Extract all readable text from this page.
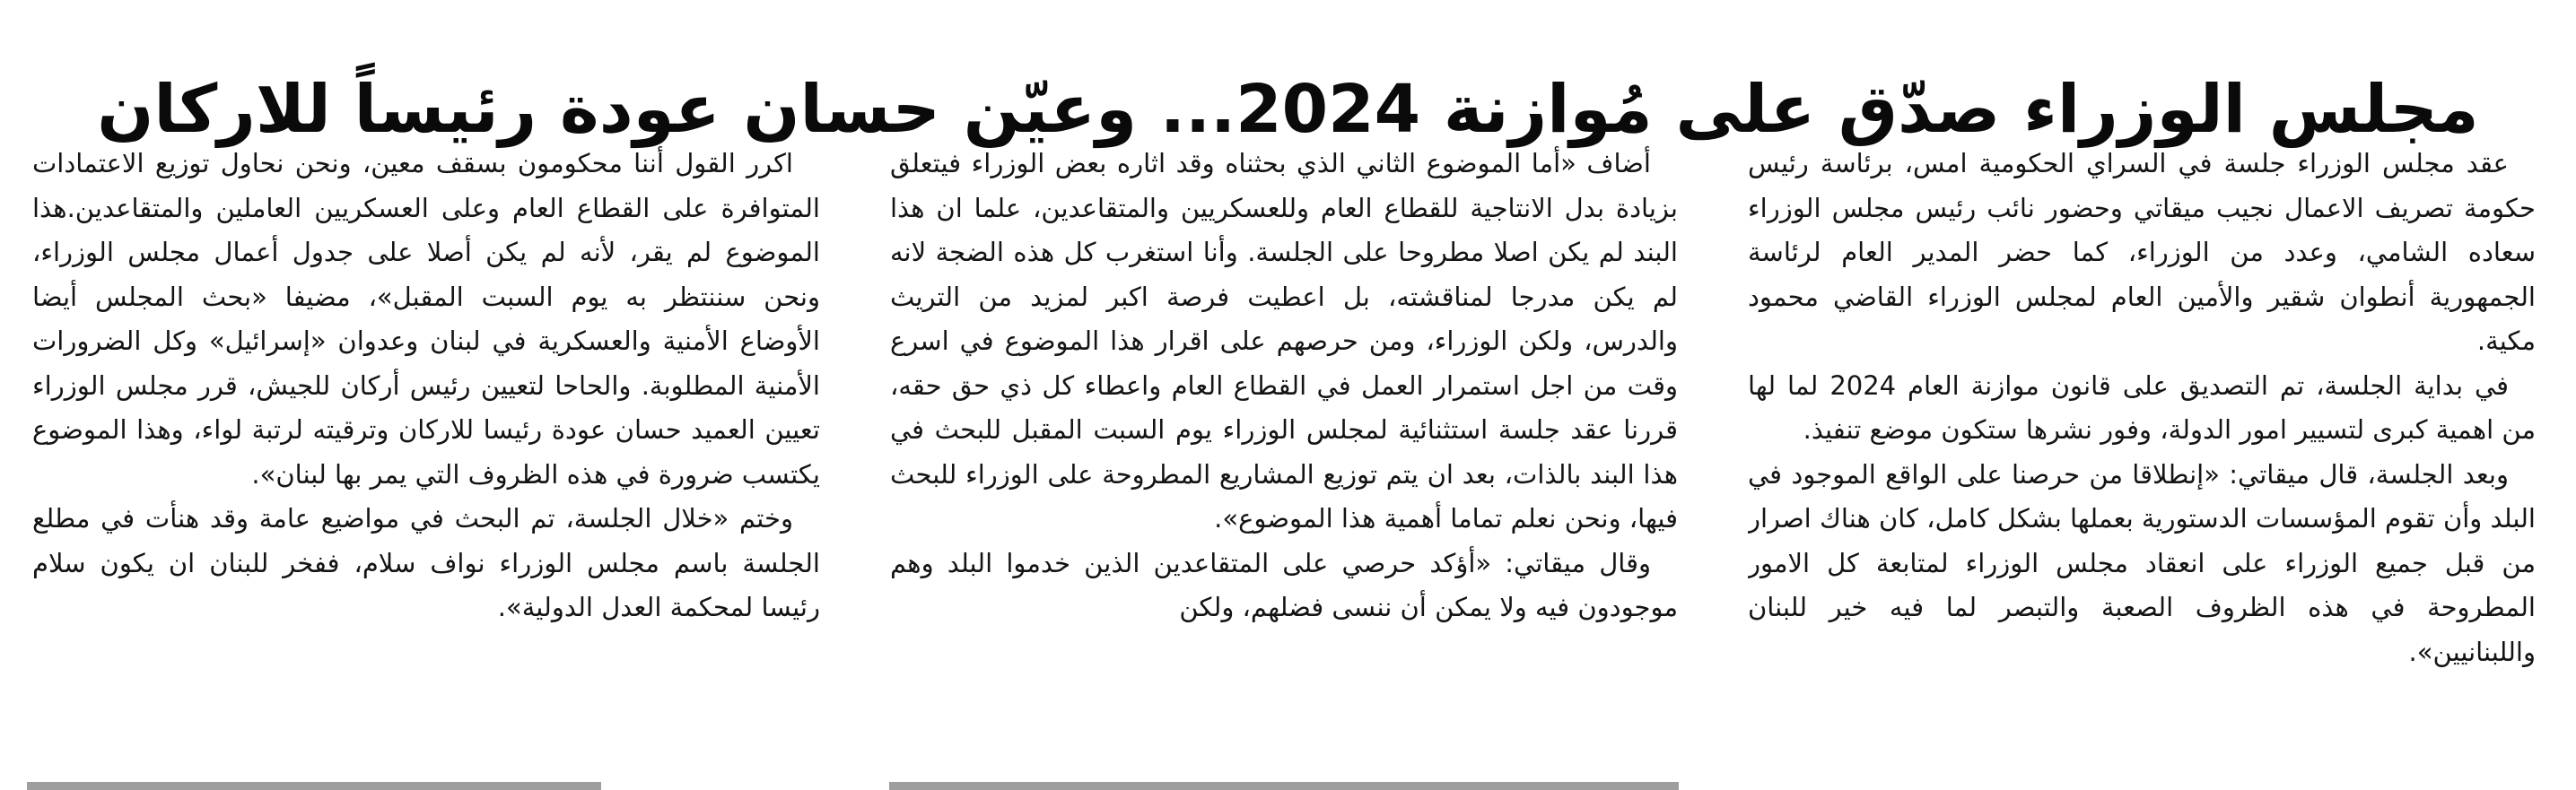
مجلس الوزراء صدّق على مُوازنة 2024... وعيّن حسان عودة رئيساً للاركان

عقد مجلس الوزراء جلسة في السراي الحكومية امس، برئاسة رئيس حكومة تصريف الاعمال نجيب ميقاتي وحضور نائب رئيس مجلس الوزراء سعاده الشامي، وعدد من الوزراء، كما حضر المدير العام لرئاسة الجمهورية أنطوان شقير والأمين العام لمجلس الوزراء القاضي محمود مكية.

في بداية الجلسة، تم التصديق على قانون موازنة العام 2024 لما لها من اهمية كبرى لتسيير امور الدولة، وفور نشرها ستكون موضع تنفيذ.

وبعد الجلسة، قال ميقاتي: «إنطلاقا من حرصنا على الواقع الموجود في البلد وأن تقوم المؤسسات الدستورية بعملها بشكل كامل، كان هناك اصرار من قبل جميع الوزراء على انعقاد مجلس الوزراء لمتابعة كل الامور المطروحة في هذه الظروف الصعبة والتبصر لما فيه خير للبنان واللبنانيين».

أضاف «أما الموضوع الثاني الذي بحثناه وقد اثاره بعض الوزراء فيتعلق بزيادة بدل الانتاجية للقطاع العام وللعسكريين والمتقاعدين، علما ان هذا البند لم يكن اصلا مطروحا على الجلسة. وأنا استغرب كل هذه الضجة لانه لم يكن مدرجا لمناقشته، بل اعطيت فرصة اكبر لمزيد من التريث والدرس، ولكن الوزراء، ومن حرصهم على اقرار هذا الموضوع في اسرع وقت من اجل استمرار العمل في القطاع العام واعطاء كل ذي حق حقه، قررنا عقد جلسة استثنائية لمجلس الوزراء يوم السبت المقبل للبحث في هذا البند بالذات، بعد ان يتم توزيع المشاريع المطروحة على الوزراء للبحث فيها، ونحن نعلم تماما أهمية هذا الموضوع».

وقال ميقاتي: «أؤكد حرصي على المتقاعدين الذين خدموا البلد وهم موجودون فيه ولا يمكن أن ننسى فضلهم، ولكن

اكرر القول أننا محكومون بسقف معين، ونحن نحاول توزيع الاعتمادات المتوافرة على القطاع العام وعلى العسكريين العاملين والمتقاعدين.هذا الموضوع لم يقر، لأنه لم يكن أصلا على جدول أعمال مجلس الوزراء، ونحن سننتظر به يوم السبت المقبل»، مضيفا «بحث المجلس أيضا الأوضاع الأمنية والعسكرية في لبنان وعدوان «إسرائيل» وكل الضرورات الأمنية المطلوبة. والحاحا لتعيين رئيس أركان للجيش، قرر مجلس الوزراء تعيين العميد حسان عودة رئيسا للاركان وترقيته لرتبة لواء، وهذا الموضوع يكتسب ضرورة في هذه الظروف التي يمر بها لبنان».

وختم «خلال الجلسة، تم البحث في مواضيع عامة وقد هنأت في مطلع الجلسة باسم مجلس الوزراء نواف سلام، ففخر للبنان ان يكون سلام رئيسا لمحكمة العدل الدولية».
